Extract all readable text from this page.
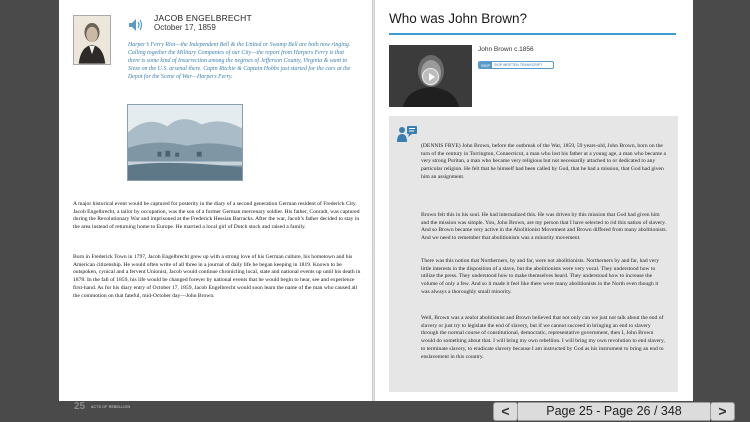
JACOB ENGELBRECHT
October 17, 1859
Harper’s Ferry Riot—the Independent Bell & the United or Swamp Bell are both now ringing. Calling together the Military Companies of our City—the report from Harpers Ferry is that there is some kind of Insurrection among the negroes of Jefferson County, Virginia & want to Sieze on the U.S. arsenal there. Captn Ritchie & Captain Hobbs just started for the cars at the Depot for the Scene of War—Harpers Ferry.
A major historical event would be captured for posterity in the diary of a second generation German resident of Frederick City. Jacob Engelbrecht, a tailor by occupation, was the son of a former German mercenary soldier. His father, Conradt, was captured during the Revolutionary War and imprisoned at the Frederick Hessian Barracks. After the war, Jacob’s father decided to stay in the area instead of returning home to Europe. He married a local girl of Dutch stock and raised a family.
Born in Frederick Town in 1797, Jacob Engelbrecht grew up with a strong love of his German culture, his hometown and his American citizenship. He would often write of all three in a journal of daily life he began keeping in 1819. Known to be outspoken, cynical and a fervent Unionist, Jacob would continue chronicling local, state and national events up until his death in 1878. In the fall of 1859, his life would be changed forever by national events that he would begin to hear, see and experience first-hand. As for his diary entry of October 17, 1859, Jacob Engelbrecht would soon learn the name of the man who caused all the commotion on that fateful, mid-October day—John Brown.
Who was John Brown?
John Brown c.1856
SKIP	SKIP WRITTEN TRANSCRIPT
(DENNIS FRYE) John Brown, before the outbreak of the War, 1859, 59 years-old, John Brown, born on the turn of the century in Torrington, Connecticut, a man who lost his father at a young age, a man who became a very strong Puritan, a man who became very religious but not necessarily attached to or dedicated to any particular religion. He felt that he himself had been called by God, that he had a mission, that God had given him an assignment.
Brown felt this in his soul. He had internalized this. He was driven by this mission that God had given him and the mission was simple. You, John Brown, are my person that I have selected to rid this nation of slavery. And so Brown became very active in the Abolitionist Movement and Brown differed from many abolitionists. And we need to remember that abolitionism was a minority movement.
There was this notion that Northerners, by and far, were not abolitionists. Northerners by and far, had very little interests in the disposition of a slave, but the abolitionists were very vocal. They understood how to utilize the press. They understood how to make themselves heard. They understood how to increase the volume of only a few. And so it made it feel like there were many abolitionists in the North even though it was always a thoroughly small minority.
Well, Brown was a zealot abolitionist and Brown believed that not only can we just not talk about the end of slavery or just try to legislate the end of slavery, but if we cannot succeed in bringing an end to slavery through the normal course of constitutional, democratic, representative government, then I, John Brown would do something about that. I will bring my own rebellion. I will bring my own revolution to end slavery, to terminate slavery, to eradicate slavery because I am instructed by God as his instrument to bring an end to enslavement in this country.
25 ACTS OF REBELLION	<	Page 25 - Page 26 / 348	>
